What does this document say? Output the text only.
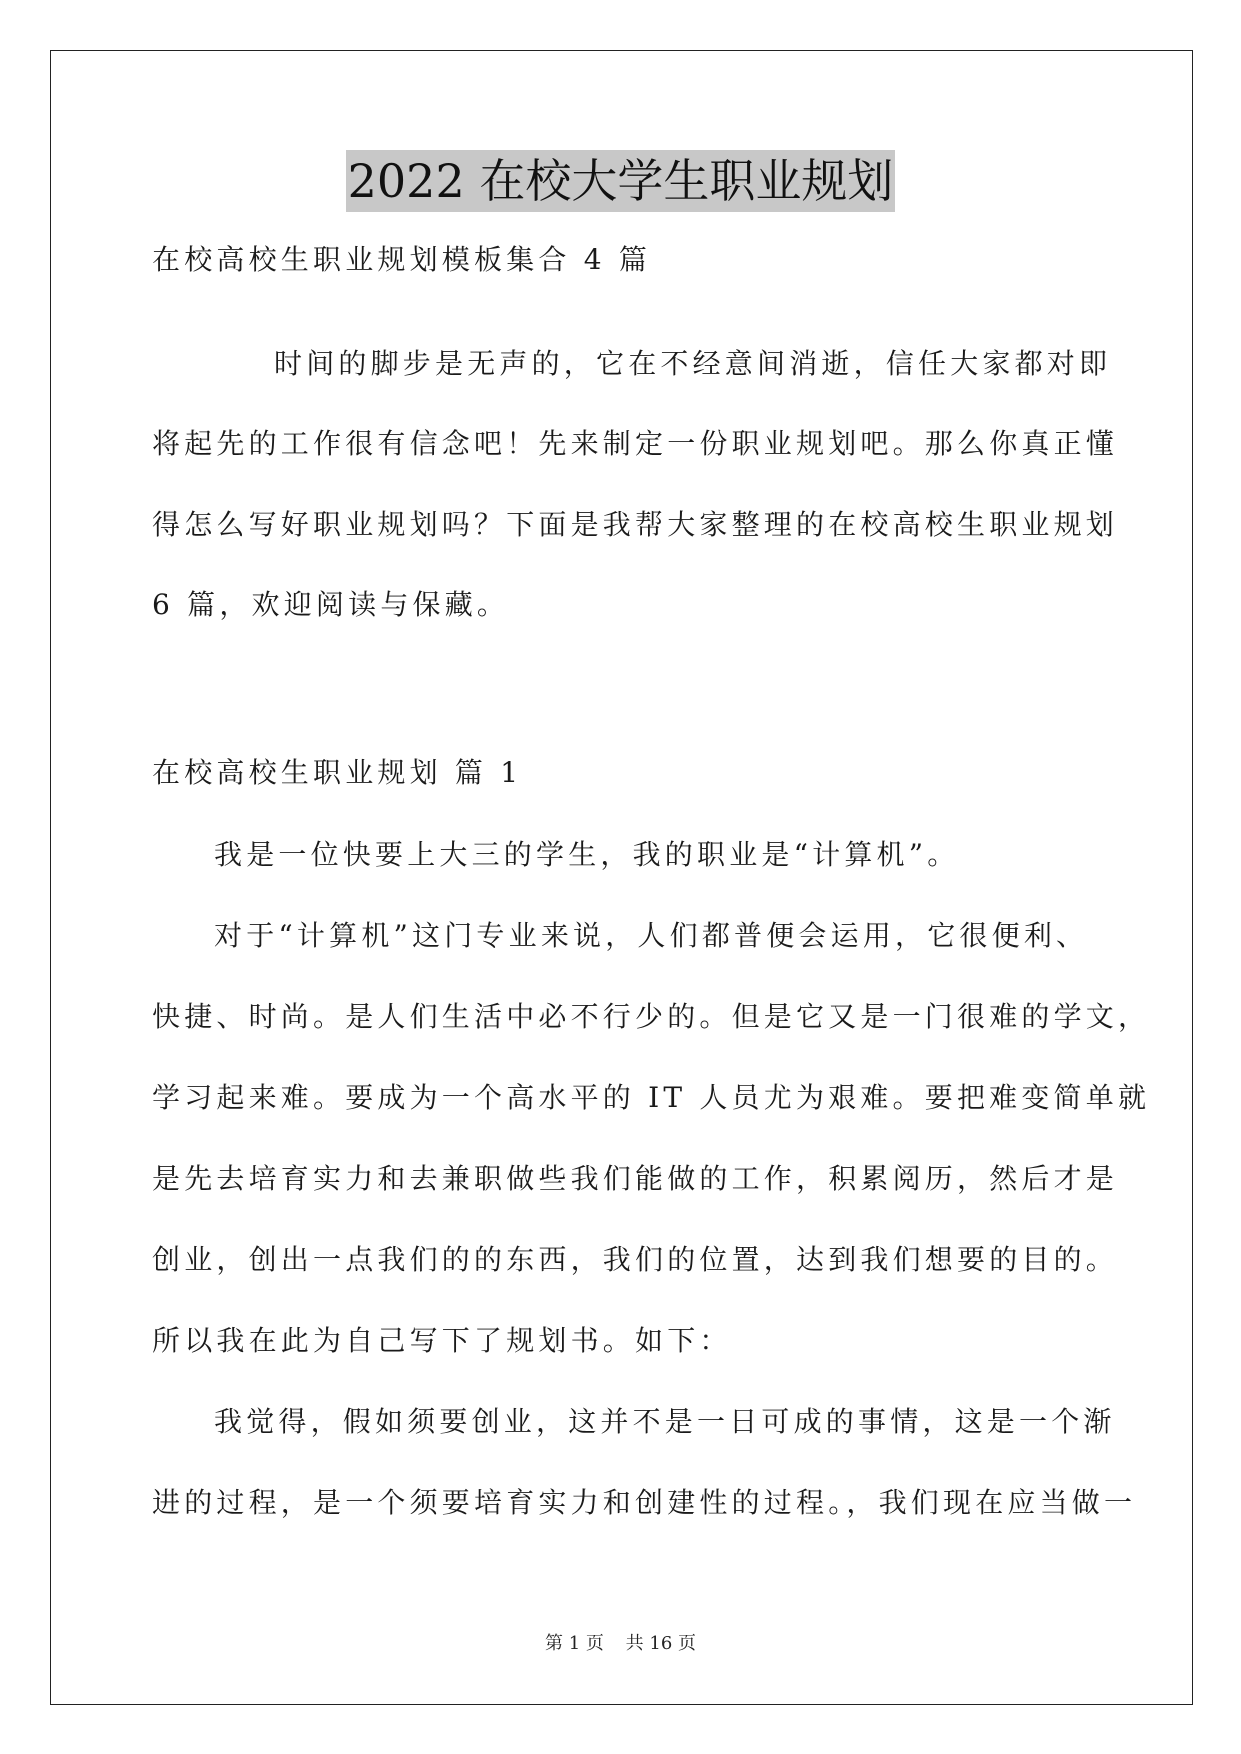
2022 在校大学生职业规划
在校高校生职业规划模板集合 4 篇
时间的脚步是无声的，它在不经意间消逝，信任大家都对即
将起先的工作很有信念吧！先来制定一份职业规划吧。那么你真正懂
得怎么写好职业规划吗？下面是我帮大家整理的在校高校生职业规划
6 篇，欢迎阅读与保藏。
在校高校生职业规划 篇 1
我是一位快要上大三的学生，我的职业是“计算机”。
对于“计算机”这门专业来说，人们都普便会运用，它很便利、
快捷、时尚。是人们生活中必不行少的。但是它又是一门很难的学文，
学习起来难。要成为一个高水平的 IT 人员尤为艰难。要把难变简单就
是先去培育实力和去兼职做些我们能做的工作，积累阅历，然后才是
创业，创出一点我们的的东西，我们的位置，达到我们想要的目的。
所以我在此为自己写下了规划书。如下：
我觉得，假如须要创业，这并不是一日可成的事情，这是一个渐
进的过程，是一个须要培育实力和创建性的过程。，我们现在应当做一
第 1 页 共 16 页
